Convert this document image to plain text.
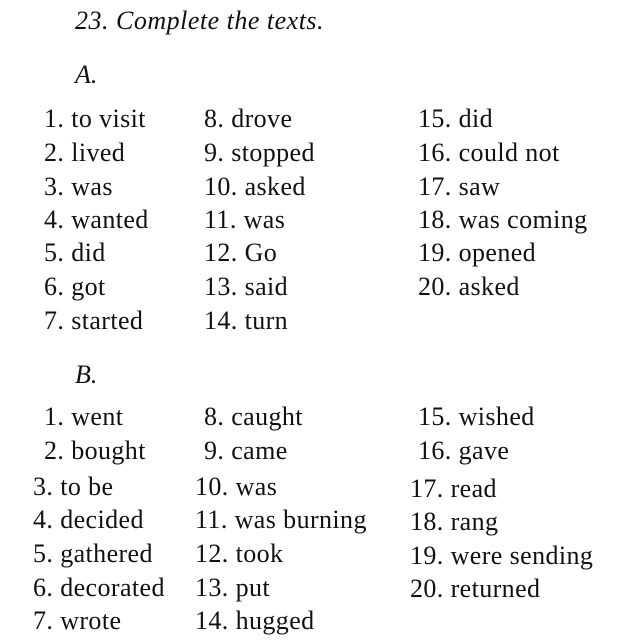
23. Complete the texts.
A.
1. to visit
2. lived
3. was
4. wanted
5. did
6. got
7. started
8. drove
9. stopped
10. asked
11. was
12. Go
13. said
14. turn
15. did
16. could not
17. saw
18. was coming
19. opened
20. asked
B.
1. went
2. bought
3. to be
4. decided
5. gathered
6. decorated
7. wrote
8. caught
9. came
10. was
11. was burning
12. took
13. put
14. hugged
15. wished
16. gave
17. read
18. rang
19. were sending
20. returned
